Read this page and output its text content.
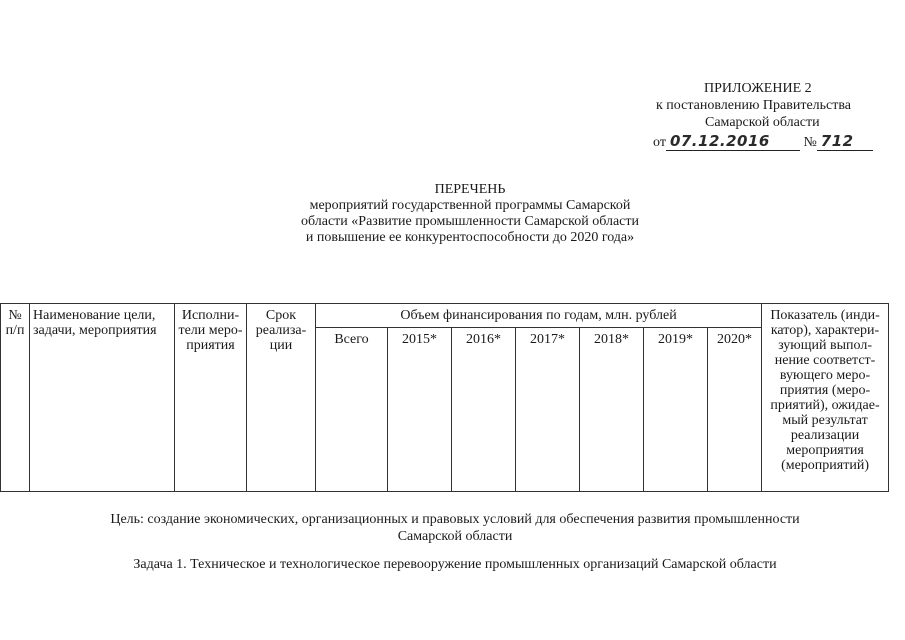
ПРИЛОЖЕНИЕ 2
к постановлению Правительства
Самарской области
от 07.12.2016 № 712
ПЕРЕЧЕНЬ
мероприятий государственной программы Самарской
области «Развитие промышленности Самарской области
и повышение ее конкурентоспособности до 2020 года»
№ п/п	Наименование цели, задачи, мероприятия	Исполни-тели меро-приятия	Срок реализа-ции	Объем финансирования по годам, млн. рублей							Показатель (инди-катор), характери-зующий выпол-нение соответст-вующего меро-приятия (меро-приятий), ожидае-мый результат реализации мероприятия (мероприятий)
				Всего	2015*	2016*	2017*	2018*	2019*	2020*	
Цель: создание экономических, организационных и правовых условий для обеспечения развития промышленности
Самарской области
Задача 1. Техническое и технологическое перевооружение промышленных организаций Самарской области
